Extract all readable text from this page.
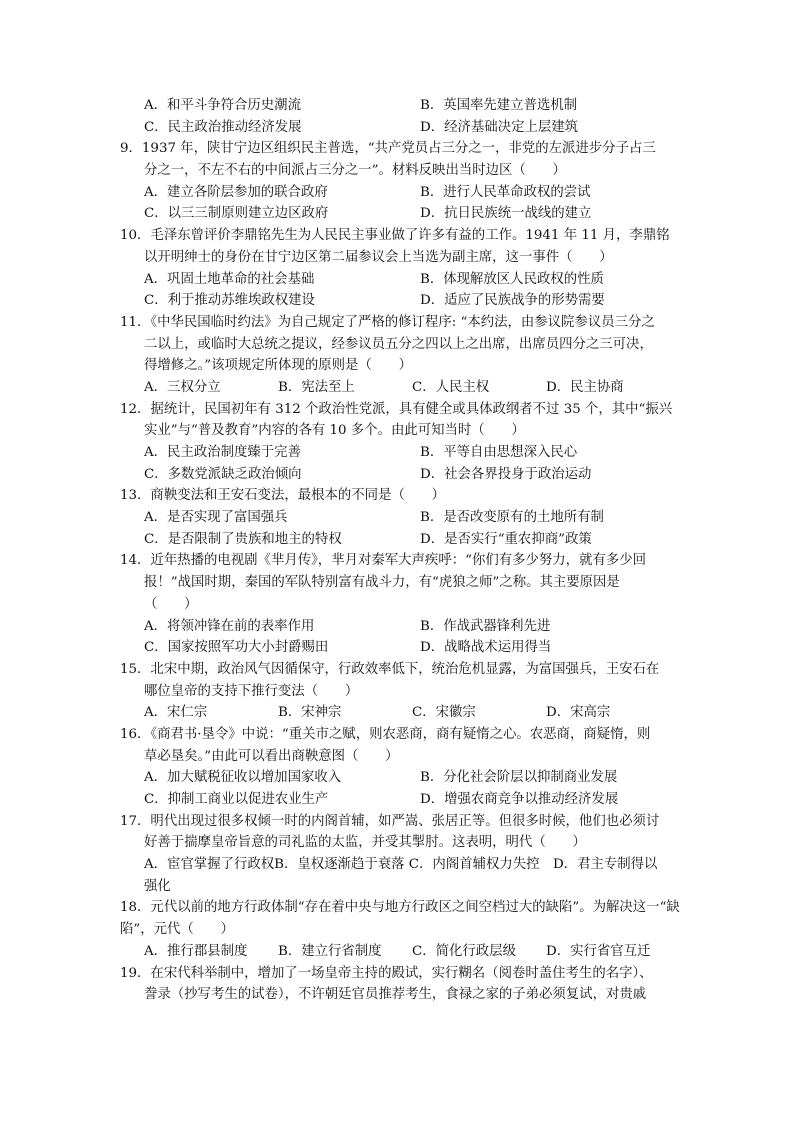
A．和平斗争符合历史潮流	B．英国率先建立普选机制
C．民主政治推动经济发展	D．经济基础决定上层建筑
9．1937 年，陕甘宁边区组织民主普选，“共产党员占三分之一，非党的左派进步分子占三
分之一，不左不右的中间派占三分之一”。材料反映出当时边区（　　）
A．建立各阶层参加的联合政府	B．进行人民革命政权的尝试
C．以三三制原则建立边区政府	D．抗日民族统一战线的建立
10．毛泽东曾评价李鼎铭先生为人民民主事业做了许多有益的工作。1941 年 11 月，李鼎铭
以开明绅士的身份在甘宁边区第二届参议会上当选为副主席，这一事件（　　）
A．巩固土地革命的社会基础	B．体现解放区人民政权的性质
C．利于推动苏维埃政权建设	D．适应了民族战争的形势需要
11．《中华民国临时约法》为自己规定了严格的修订程序: “本约法，由参议院参议员三分之
二以上，或临时大总统之提议，经参议员五分之四以上之出席，出席员四分之三可决，
得增修之。”该项规定所体现的原则是（　　）
A．三权分立	B．宪法至上	C．人民主权	D．民主协商
12．据统计，民国初年有 312 个政治性党派，具有健全或具体政纲者不过 35 个，其中“振兴
实业”与“普及教育”内容的各有 10 多个。由此可知当时（　　）
A．民主政治制度臻于完善	B．平等自由思想深入民心
C．多数党派缺乏政治倾向	D．社会各界投身于政治运动
13．商鞅变法和王安石变法，最根本的不同是（　　）
A．是否实现了富国强兵	B．是否改变原有的土地所有制
C．是否限制了贵族和地主的特权	D．是否实行“重农抑商”政策
14．近年热播的电视剧《芈月传》，芈月对秦军大声疾呼：“你们有多少努力，就有多少回
报！”战国时期，秦国的军队特别富有战斗力，有“虎狼之师”之称。其主要原因是
（　　）
A．将领冲锋在前的表率作用	B．作战武器锋利先进
C．国家按照军功大小封爵赐田	D．战略战术运用得当
15．北宋中期，政治风气因循保守，行政效率低下，统治危机显露，为富国强兵，王安石在
哪位皇帝的支持下推行变法（　　）
A．宋仁宗	B．宋神宗	C．宋徽宗	D．宋高宗
16．《商君书·垦令》中说：“重关市之赋，则农恶商，商有疑惰之心。农恶商，商疑惰，则
草必垦矣。”由此可以看出商鞅意图（　　）
A．加大赋税征收以增加国家收入	B．分化社会阶层以抑制商业发展
C．抑制工商业以促进农业生产	D．增强农商竞争以推动经济发展
17．明代出现过很多权倾一时的内阁首辅，如严嵩、张居正等。但很多时候，他们也必须讨
好善于揣摩皇帝旨意的司礼监的太监，并受其掣肘。这表明，明代（　　）
A．宦官掌握了行政权B．皇权逐渐趋于衰落 C．内阁首辅权力失控　D．君主专制得以
强化
18．元代以前的地方行政体制“存在着中央与地方行政区之间空档过大的缺陷”。为解决这一“缺
陷”，元代（　　）
A．推行郡县制度	B．建立行省制度	C．简化行政层级	D．实行省官互迁
19．在宋代科举制中，增加了一场皇帝主持的殿试，实行糊名（阅卷时盖住考生的名字）、
誊录（抄写考生的试卷），不许朝廷官员推荐考生，食禄之家的子弟必须复试，对贵戚
